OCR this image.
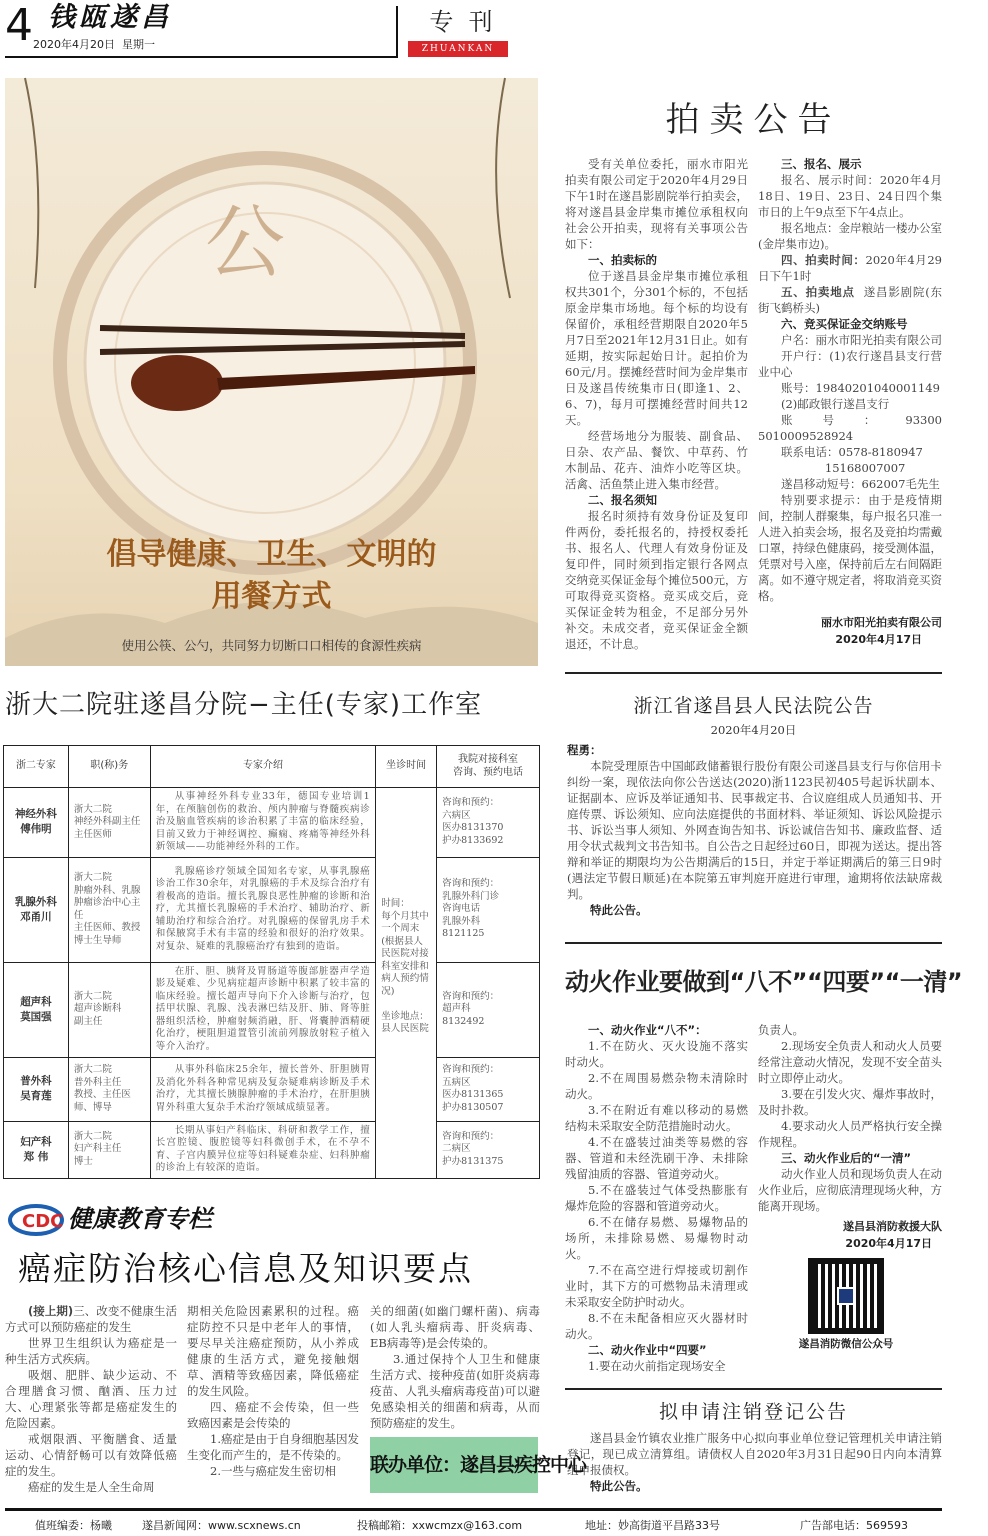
4 钱瓯遂昌
2020年4月20日  星期一
专  刊
ZHUANKAN
公
倡导健康、卫生、文明的
用餐方式
使用公筷、公勺，共同努力切断口口相传的食源性疾病
拍卖公告
受有关单位委托，丽水市阳光拍卖有限公司定于2020年4月29日下午1时在遂昌影剧院举行拍卖会，将对遂昌县金岸集市摊位承租权向社会公开拍卖，现将有关事项公告如下：
一、拍卖标的
位于遂昌县金岸集市摊位承租权共301个，分301个标的，不包括原金岸集市场地。每个标的均设有保留价，承租经营期限自2020年5月7日至2021年12月31日止。如有延期，按实际起始日计。起拍价为60元/月。摆摊经营时间为金岸集市日及遂昌传统集市日(即逢1、2、6、7)，每月可摆摊经营时间共12天。
经营场地分为服装、副食品、日杂、农产品、餐饮、中草药、竹木制品、花卉、油炸小吃等区块。活禽、活鱼禁止进入集市经营。
二、报名须知
报名时须持有效身份证及复印件两份，委托报名的，持授权委托书、报名人、代理人有效身份证及复印件，同时须到指定银行各网点交纳竞买保证金每个摊位500元，方可取得竞买资格。竞买成交后，竞买保证金转为租金，不足部分另外补交。未成交者，竞买保证金全额退还，不计息。
三、报名、展示
报名、展示时间：2020年4月18日、19日、23日、24日四个集市日的上午9点至下午4点止。
报名地点：金岸粮站一楼办公室(金岸集市边)。
四、拍卖时间：2020年4月29日下午1时
五、拍卖地点  遂昌影剧院(东街飞鹤桥头)
六、竞买保证金交纳账号
户名：丽水市阳光拍卖有限公司
开户行：(1)农行遂昌县支行营业中心
账号：19840201040001149
(2)邮政银行遂昌支行
账号：93300 5010009528924
联系电话：0578-8180947
15168007007
遂昌移动短号：662007毛先生
特别要求提示：由于是疫情期间，控制人群聚集，每户报名只准一人进入拍卖会场，报名及竞拍均需戴口罩，持绿色健康码，接受测体温，凭票对号入座，保持前后左右间隔距离。如不遵守规定者，将取消竞买资格。
丽水市阳光拍卖有限公司
2020年4月17日
浙大二院驻遂昌分院−主任(专家)工作室
浙二专家	职(称)务	专家介绍	坐诊时间	我院对接科室
咨询、预约电话
神经外科
傅伟明	浙大二院
神经外科副主任
主任医师	从事神经外科专业33年，德国专业培训1年，在颅脑创伤的救治、颅内肿瘤与脊髓疾病诊治及脑血管疾病的诊治积累了丰富的临床经验，目前又致力于神经调控、癫痫、疼痛等神经外科新领域——功能神经外科的工作。	时间：
每个月其中一个周末(根据县人民医院对接科室安排和病人预约情况)

坐诊地点：
县人民医院	咨询和预约：
六病区
医办8131370
护办8133692
乳腺外科
邓甬川	浙大二院
肿瘤外科、乳腺肿瘤诊治中心主任
主任医师、教授
博士生导师	乳腺癌诊疗领域全国知名专家，从事乳腺癌诊治工作30余年，对乳腺癌的手术及综合治疗有着极高的造诣。擅长乳腺良恶性肿瘤的诊断和治疗，尤其擅长乳腺癌的手术治疗、辅助治疗、新辅助治疗和综合治疗。对乳腺癌的保留乳房手术和保腋窝手术有丰富的经验和很好的治疗效果。对复杂、疑难的乳腺癌治疗有独到的造诣。		咨询和预约：
乳腺外科门诊
咨询电话
乳腺外科
8121125
超声科
莫国强	浙大二院
超声诊断科
副主任	在肝、胆、胰肾及胃肠道等腹部脏器声学造影及疑难、少见病症超声诊断中积累了较丰富的临床经验。擅长超声导向下介入诊断与治疗，包括甲状腺、乳腺、浅表淋巴结及肝、肺、肾等脏器组织活检，肿瘤射频消融，肝、肾囊肿酒精硬化治疗，梗阻胆道置管引流前列腺放射粒子植入等介入治疗。		咨询和预约：
超声科
8132492
普外科
吴育莲	浙大二院
普外科主任
教授、主任医师、博导	从事外科临床25余年，擅长普外、肝胆胰胃及消化外科各种常见病及复杂疑难病诊断及手术治疗，尤其擅长胰腺肿瘤的手术治疗，在肝胆胰胃外科重大复杂手术治疗领域成绩显著。		咨询和预约：
五病区
医办8131365
护办8130507
妇产科
郑 伟	浙大二院
妇产科主任
博士	长期从事妇产科临床、科研和教学工作，擅长宫腔镜、腹腔镜等妇科微创手术，在不孕不育、子宫内膜异位症等妇科疑难杂症、妇科肿瘤的诊治上有较深的造诣。		咨询和预约：
二病区
护办8131375
浙江省遂昌县人民法院公告
2020年4月20日
程勇：
本院受理原告中国邮政储蓄银行股份有限公司遂昌县支行与你信用卡纠纷一案，现依法向你公告送达(2020)浙1123民初405号起诉状副本、证据副本、应诉及举证通知书、民事裁定书、合议庭组成人员通知书、开庭传票、诉讼须知、应向法庭提供的书面材料、举证须知、诉讼风险提示书、诉讼当事人须知、外网查询告知书、诉讼诚信告知书、廉政监督、适用令状式裁判文书告知书。自公告之日起经过60日，即视为送达。提出答辩和举证的期限均为公告期满后的15日，并定于举证期满后的第三日9时(遇法定节假日顺延)在本院第五审判庭开庭进行审理，逾期将依法缺席裁判。
特此公告。
动火作业要做到“八不”“四要”“一清”
一、动火作业“八不”：
1.不在防火、灭火设施不落实时动火。
2.不在周围易燃杂物未清除时动火。
3.不在附近有难以移动的易燃结构未采取安全防范措施时动火。
4.不在盛装过油类等易燃的容器、管道和未经洗刷干净、未排除残留油质的容器、管道旁动火。
5.不在盛装过气体受热膨胀有爆炸危险的容器和管道旁动火。
6.不在储存易燃、易爆物品的场所，未排除易燃、易爆物时动火。
7.不在高空进行焊接或切割作业时，其下方的可燃物品未清理或未采取安全防护时动火。
8.不在未配备相应灭火器材时动火。
二、动火作业中“四要”
1.要在动火前指定现场安全
负责人。
2.现场安全负责人和动火人员要经常注意动火情况，发现不安全苗头时立即停止动火。
3.要在引发火灾、爆炸事故时，及时扑救。
4.要求动火人员严格执行安全操作规程。
三、动火作业后的“一清”
动火作业人员和现场负责人在动火作业后，应彻底清理现场火种，方能离开现场。
遂昌县消防救援大队
2020年4月17日
遂昌消防微信公众号
拟申请注销登记公告
遂昌县金竹镇农业推广服务中心拟向事业单位登记管理机关申请注销登记，现已成立清算组。请债权人自2020年3月31日起90日内向本清算组申报债权。
特此公告。
CDC 健康教育专栏
癌症防治核心信息及知识要点
(接上期)三、改变不健康生活方式可以预防癌症的发生
世界卫生组织认为癌症是一种生活方式疾病。
吸烟、肥胖、缺少运动、不合理膳食习惯、酗酒、压力过大、心理紧张等都是癌症发生的危险因素。
戒烟限酒、平衡膳食、适量运动、心情舒畅可以有效降低癌症的发生。
癌症的发生是人全生命周
期相关危险因素累积的过程。癌症防控不只是中老年人的事情，要尽早关注癌症预防，从小养成健康的生活方式，避免接触烟草、酒精等致癌因素，降低癌症的发生风险。
四、癌症不会传染，但一些致癌因素是会传染的
1.癌症是由于自身细胞基因发生变化而产生的，是不传染的。
2.一些与癌症发生密切相
关的细菌(如幽门螺杆菌)、病毒(如人乳头瘤病毒、肝炎病毒、EB病毒等)是会传染的。
3.通过保持个人卫生和健康生活方式、接种疫苗(如肝炎病毒疫苗、人乳头瘤病毒疫苗)可以避免感染相关的细菌和病毒，从而预防癌症的发生。
联办单位：遂昌县疾控中心
值班编委：杨曦	遂昌新闻网：www.scxnews.cn	投稿邮箱：xxwcmzx@163.com	地址：妙高街道平昌路33号	广告部电话：569593
